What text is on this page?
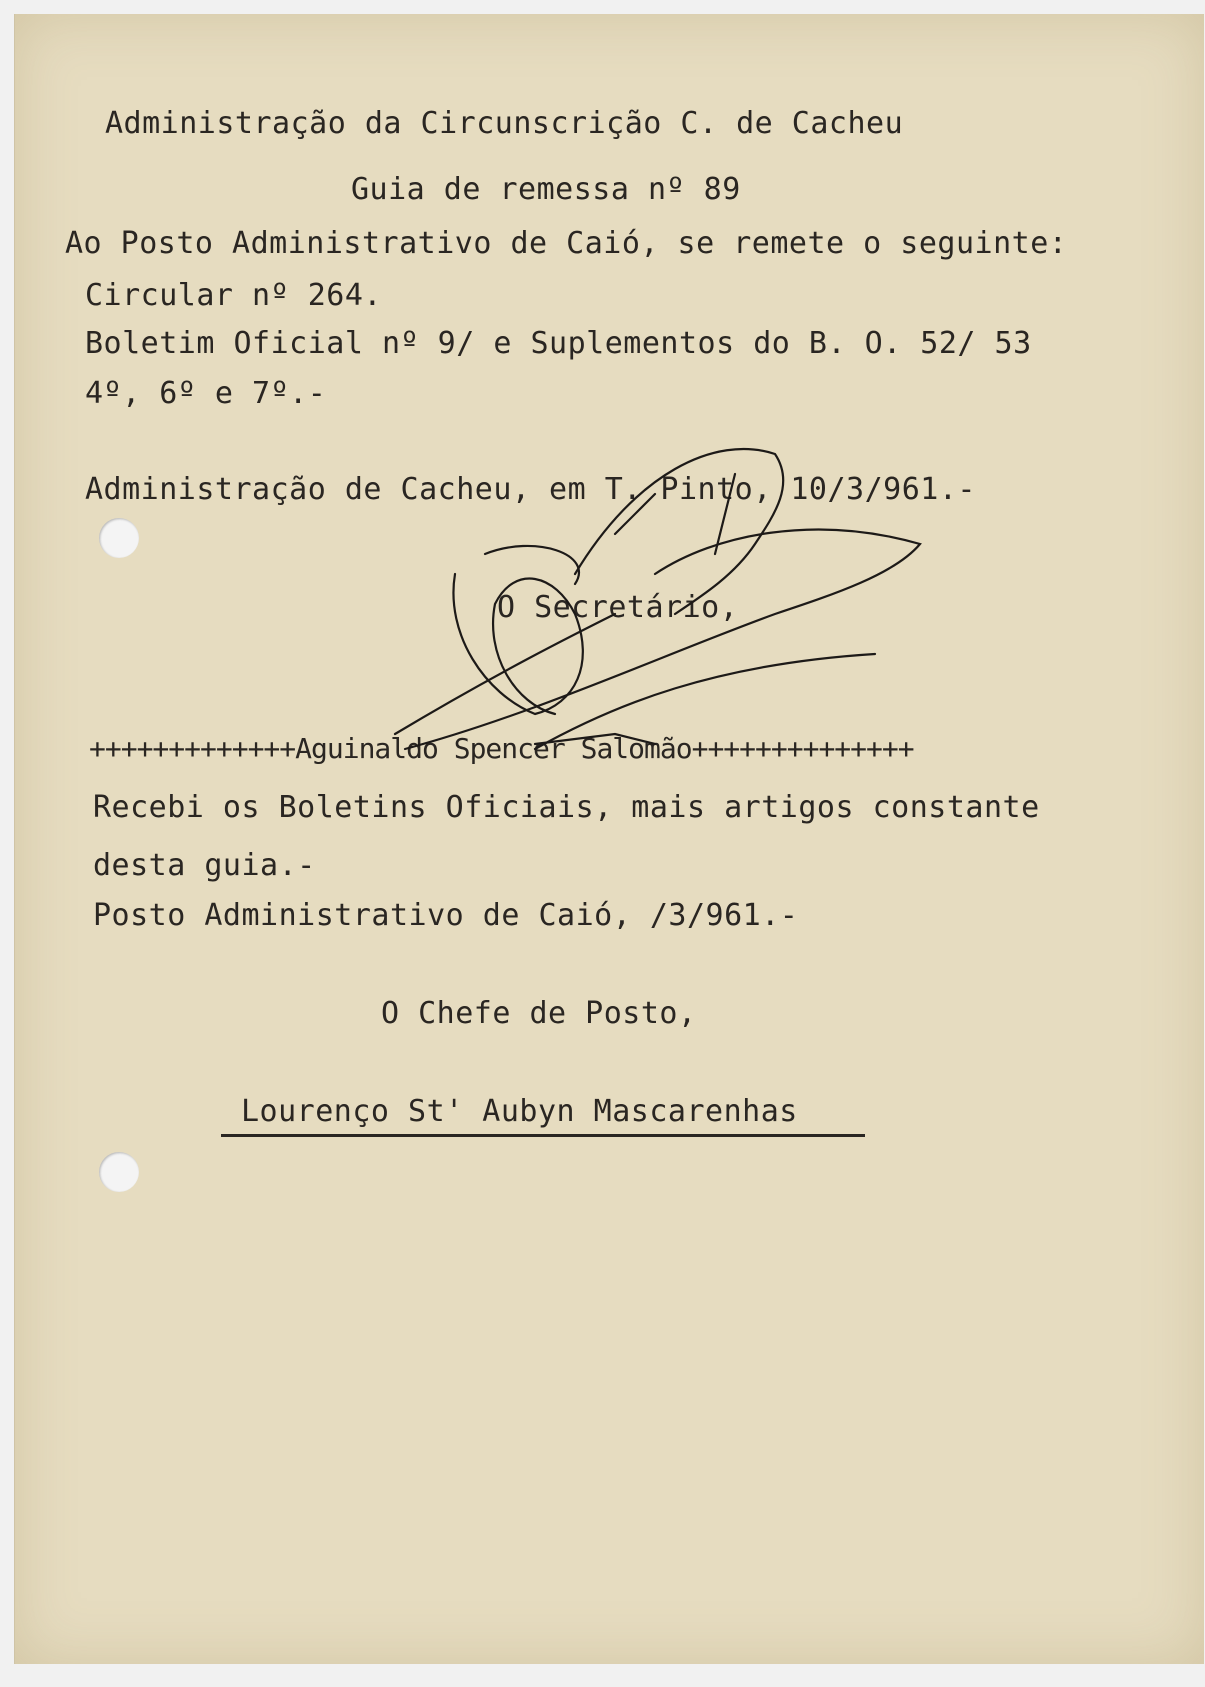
Administração da Circunscrição C. de Cacheu
Guia de remessa nº 89
Ao Posto Administrativo de Caió, se remete o seguinte:
Circular nº 264.
Boletim Oficial nº 9/ e Suplementos do B. O. 52/ 53
4º, 6º e 7º.-
Administração de Cacheu, em T. Pinto, 10/3/961.-
O Secretário,
+++++++++++++Aguinaldo Spencer Salomão++++++++++++++
Recebi os Boletins Oficiais, mais artigos constante
desta guia.-
Posto Administrativo de Caió, /3/961.-
O Chefe de Posto,
Lourenço St' Aubyn Mascarenhas
